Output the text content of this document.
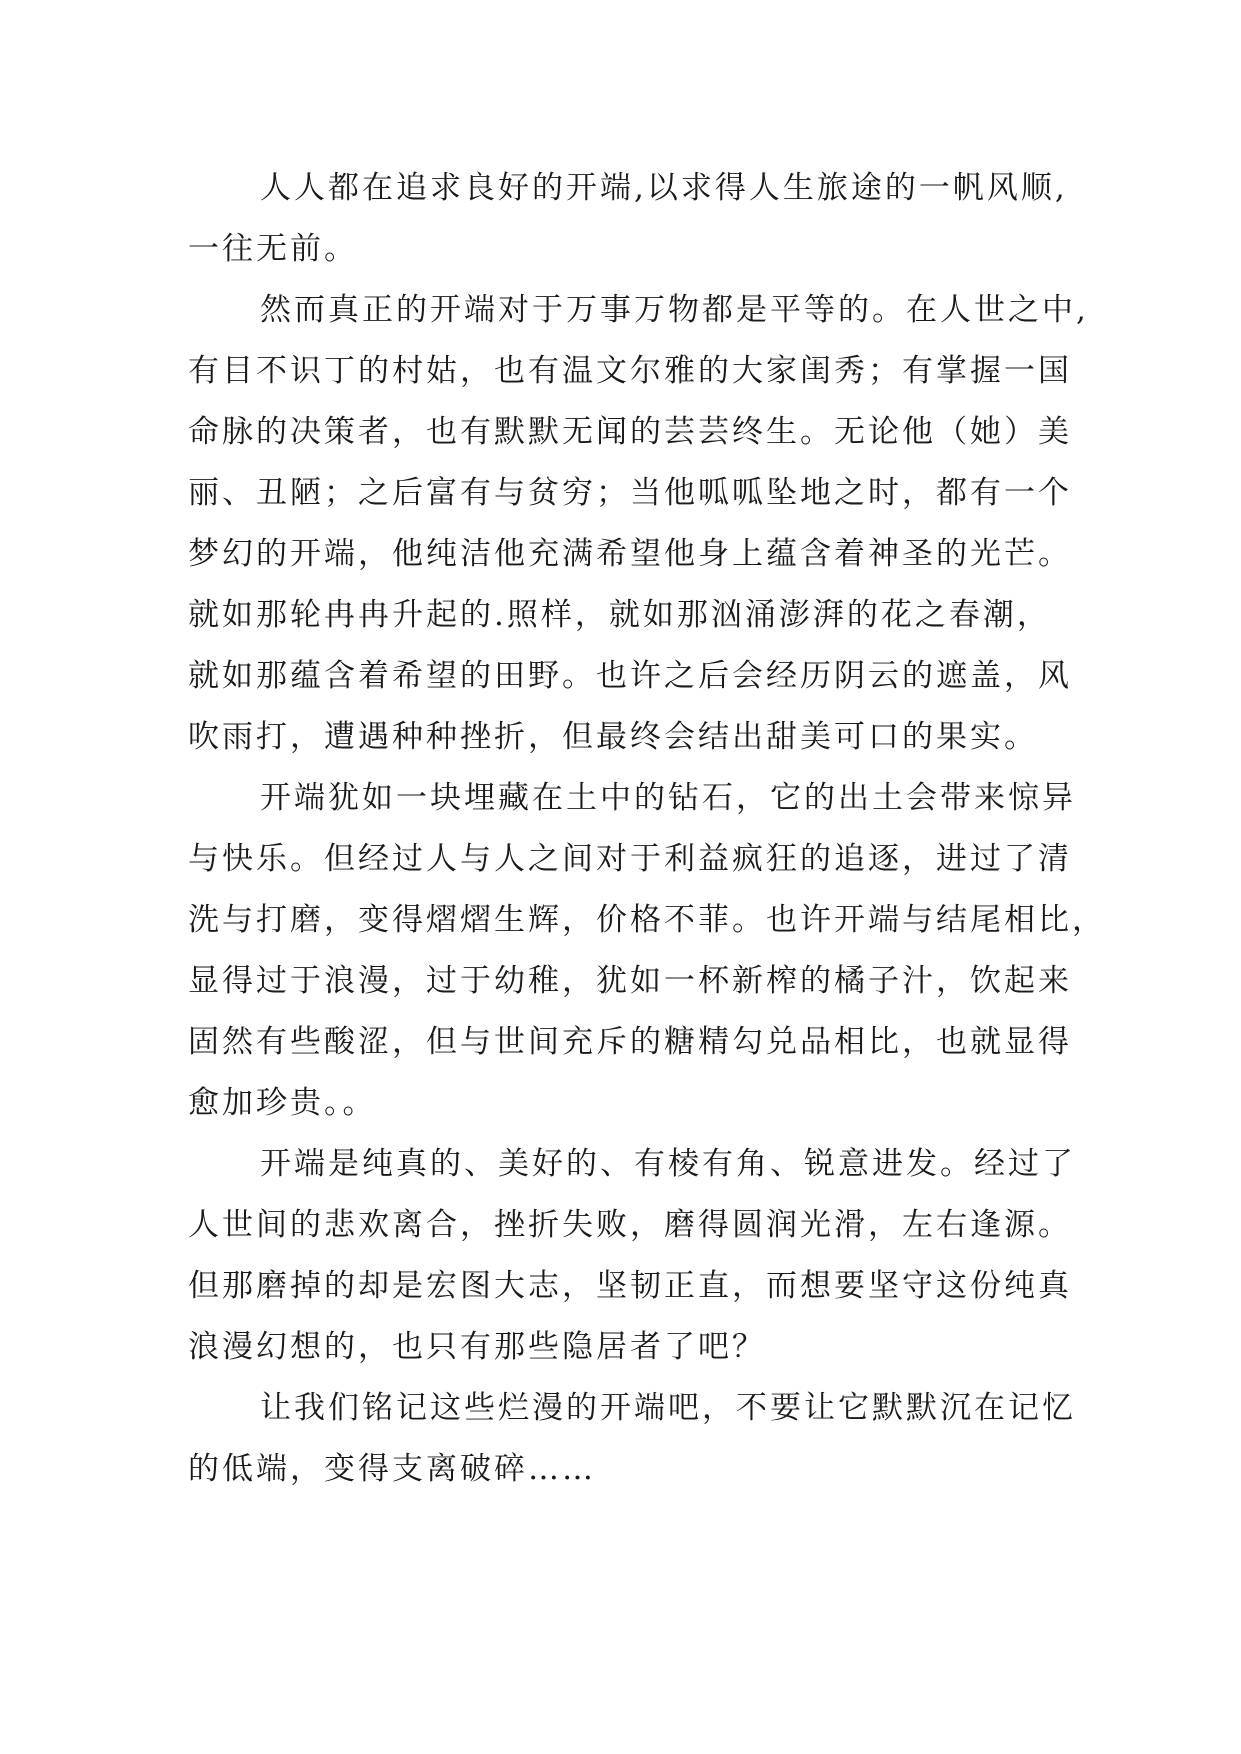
人人都在追求良好的开端,以求得人生旅途的一帆风顺,
一往无前。
然而真正的开端对于万事万物都是平等的。在人世之中,
有目不识丁的村姑，也有温文尔雅的大家闺秀；有掌握一国
命脉的决策者，也有默默无闻的芸芸终生。无论他（她）美
丽、丑陋；之后富有与贫穷；当他呱呱坠地之时，都有一个
梦幻的开端，他纯洁他充满希望他身上蕴含着神圣的光芒。
就如那轮冉冉升起的.照样，就如那汹涌澎湃的花之春潮，
就如那蕴含着希望的田野。也许之后会经历阴云的遮盖，风
吹雨打，遭遇种种挫折，但最终会结出甜美可口的果实。
开端犹如一块埋藏在土中的钻石，它的出土会带来惊异
与快乐。但经过人与人之间对于利益疯狂的追逐，进过了清
洗与打磨，变得熠熠生辉，价格不菲。也许开端与结尾相比，
显得过于浪漫，过于幼稚，犹如一杯新榨的橘子汁，饮起来
固然有些酸涩，但与世间充斥的糖精勾兑品相比，也就显得
愈加珍贵。。
开端是纯真的、美好的、有棱有角、锐意进发。经过了
人世间的悲欢离合，挫折失败，磨得圆润光滑，左右逢源。
但那磨掉的却是宏图大志，坚韧正直，而想要坚守这份纯真
浪漫幻想的，也只有那些隐居者了吧？
让我们铭记这些烂漫的开端吧，不要让它默默沉在记忆
的低端，变得支离破碎……
